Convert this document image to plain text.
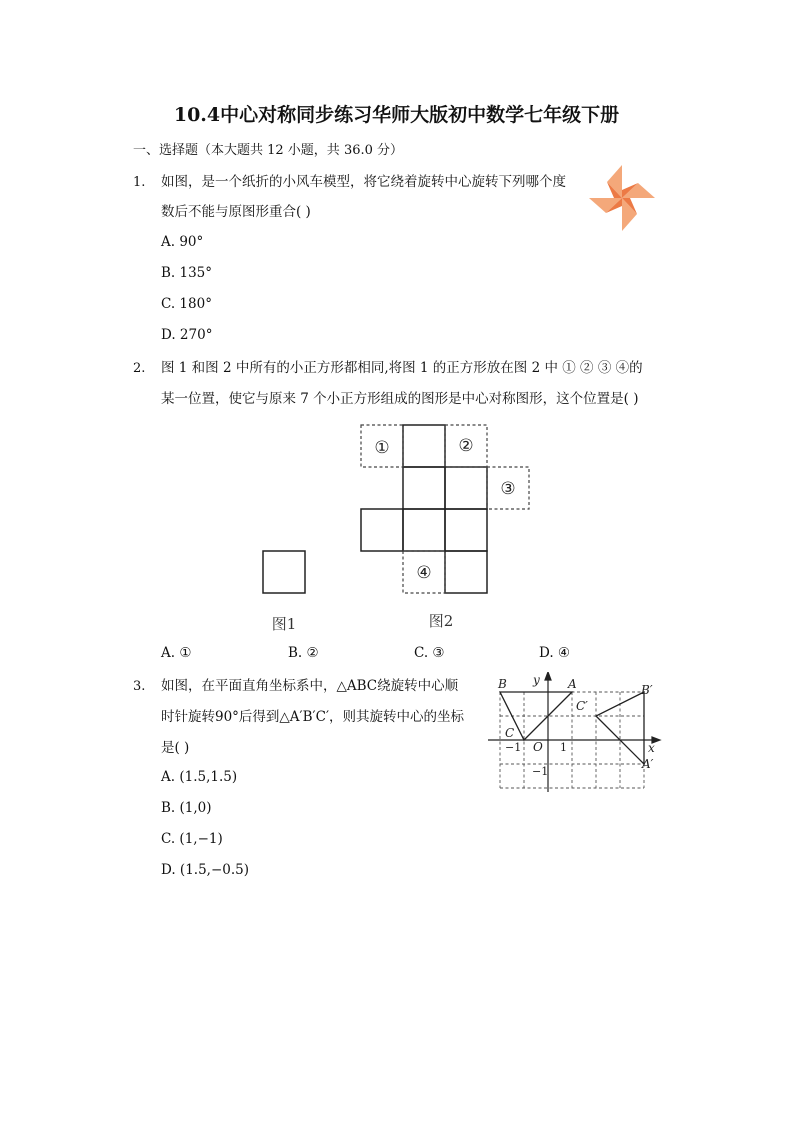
10.4中心对称同步练习华师大版初中数学七年级下册
一、选择题（本大题共 12 小题，共 36.0 分）
1. 如图，是一个纸折的小风车模型，将它绕着旋转中心旋转下列哪个度
数后不能与原图形重合( )
A. 90°
B. 135°
C. 180°
D. 270°
2. 图 1 和图 2 中所有的小正方形都相同,将图 1 的正方形放在图 2 中 ① ② ③ ④的
某一位置，使它与原来 7 个小正方形组成的图形是中心对称图形，这个位置是( )
①	②
③
④
图1	图2
A. ①	B. ②	C. ③	D. ④
3. 如图，在平面直角坐标系中，△ABC绕旋转中心顺
时针旋转90°后得到△A′B′C′，则其旋转中心的坐标
是( )
A. (1.5,1.5)
B. (1,0)
C. (1,−1)
D. (1.5,−0.5)
B	A
C
y
x
B′
C′
A′
O
−1	1
−1
